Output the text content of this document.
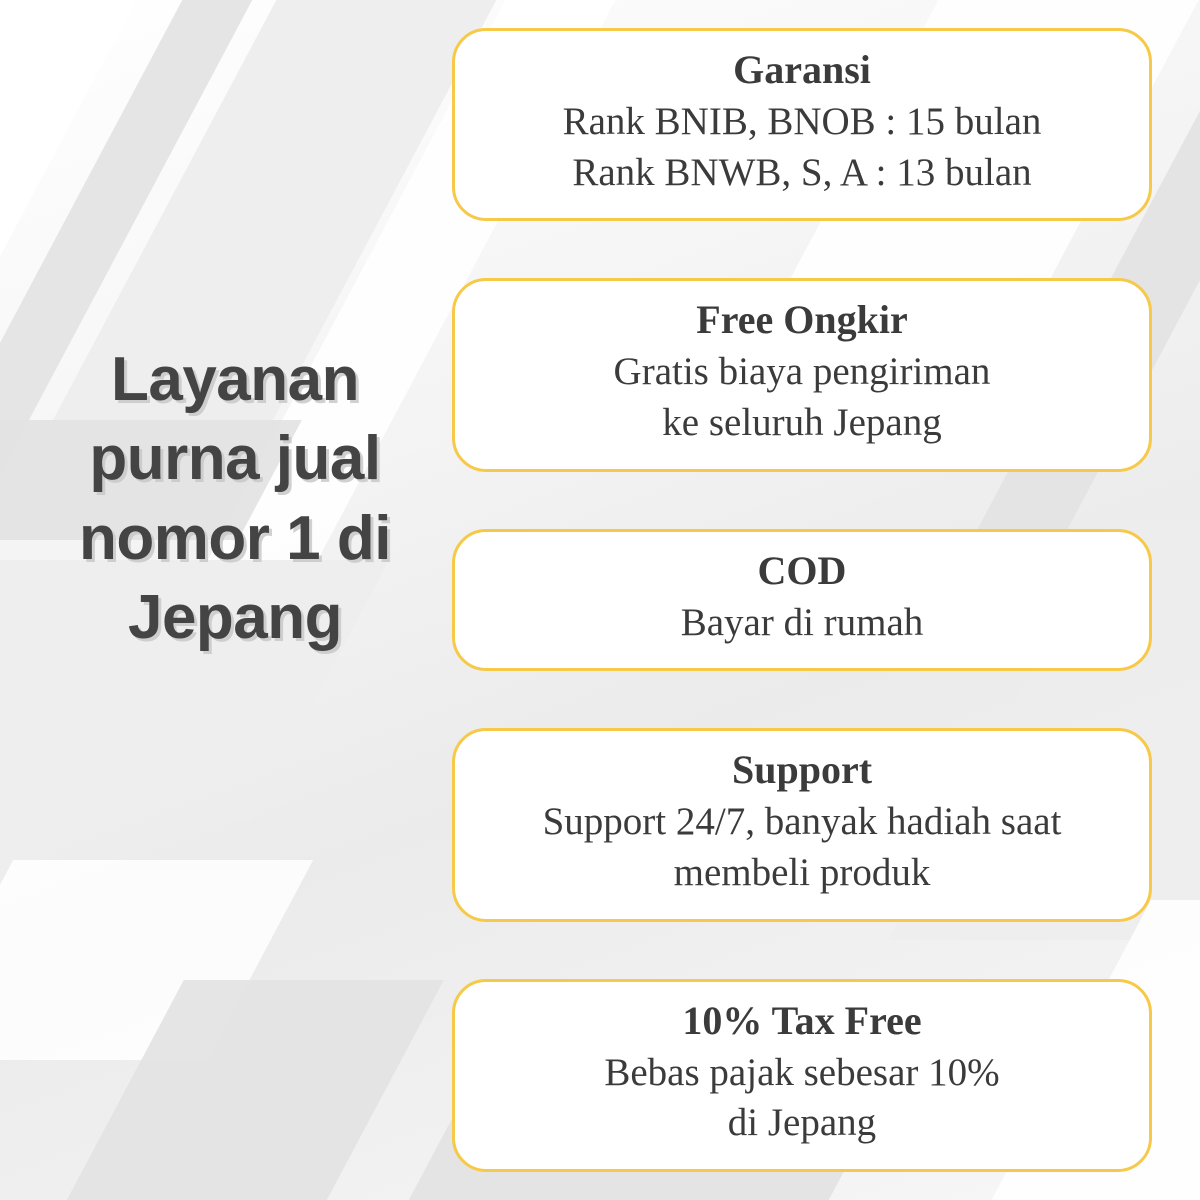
Layanan purna jual nomor 1 di Jepang
Garansi
Rank BNIB, BNOB : 15 bulan
Rank BNWB, S, A : 13 bulan
Free Ongkir
Gratis biaya pengiriman
ke seluruh Jepang
COD
Bayar di rumah
Support
Support 24/7, banyak hadiah saat
membeli produk
10% Tax Free
Bebas pajak sebesar 10%
di Jepang
